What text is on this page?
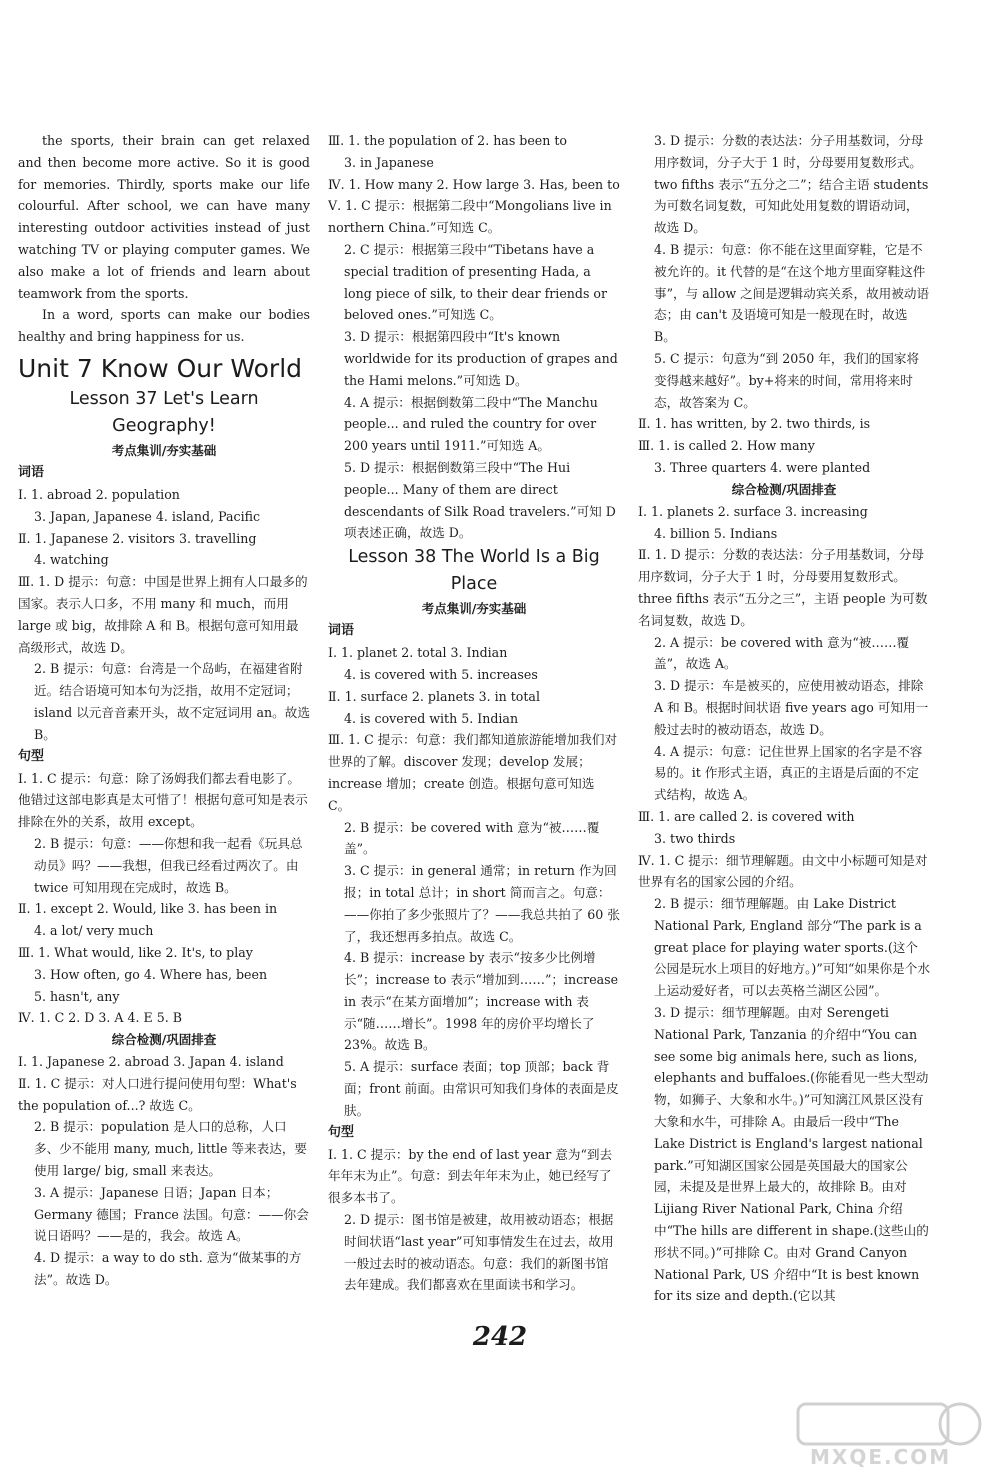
the sports, their brain can get relaxed and then become more active. So it is good for memories. Thirdly, sports make our life colourful. After school, we can have many interesting outdoor activities instead of just watching TV or playing computer games. We also make a lot of friends and learn about teamwork from the sports.

In a word, sports can make our bodies healthy and bring happiness for us.

Unit 7 Know Our World
Lesson 37 Let's Learn Geography!
考点集训/夯实基础
词语

Ⅰ. 1. abroad 2. population

3. Japan, Japanese 4. island, Pacific

Ⅱ. 1. Japanese 2. visitors 3. travelling

4. watching

Ⅲ. 1. D 提示：句意：中国是世界上拥有人口最多的国家。表示人口多，不用 many 和 much，而用 large 或 big，故排除 A 和 B。根据句意可知用最高级形式，故选 D。

2. B 提示：句意：台湾是一个岛屿，在福建省附近。结合语境可知本句为泛指，故用不定冠词；island 以元音音素开头，故不定冠词用 an。故选 B。

句型

Ⅰ. 1. C 提示：句意：除了汤姆我们都去看电影了。他错过这部电影真是太可惜了！根据句意可知是表示排除在外的关系，故用 except。

2. B 提示：句意：——你想和我一起看《玩具总动员》吗？——我想，但我已经看过两次了。由 twice 可知用现在完成时，故选 B。

Ⅱ. 1. except 2. Would, like 3. has been in

4. a lot/ very much

Ⅲ. 1. What would, like 2. It's, to play

3. How often, go 4. Where has, been

5. hasn't, any

Ⅳ. 1. C 2. D 3. A 4. E 5. B

综合检测/巩固排查

Ⅰ. 1. Japanese 2. abroad 3. Japan 4. island

Ⅱ. 1. C 提示：对人口进行提问使用句型：What's the population of...? 故选 C。

2. B 提示：population 是人口的总称，人口多、少不能用 many, much, little 等来表达，要使用 large/ big, small 来表达。

3. A 提示：Japanese 日语；Japan 日本；Germany 德国；France 法国。句意：——你会说日语吗？——是的，我会。故选 A。

4. D 提示：a way to do sth. 意为“做某事的方法”。故选 D。

Ⅲ. 1. the population of 2. has been to

3. in Japanese

Ⅳ. 1. How many 2. How large 3. Has, been to

Ⅴ. 1. C 提示：根据第二段中“Mongolians live in northern China.”可知选 C。

2. C 提示：根据第三段中“Tibetans have a special tradition of presenting Hada, a long piece of silk, to their dear friends or beloved ones.”可知选 C。

3. D 提示：根据第四段中“It's known worldwide for its production of grapes and the Hami melons.”可知选 D。

4. A 提示：根据倒数第二段中“The Manchu people... and ruled the country for over 200 years until 1911.”可知选 A。

5. D 提示：根据倒数第三段中“The Hui people... Many of them are direct descendants of Silk Road travelers.”可知 D 项表述正确，故选 D。

Lesson 38 The World Is a Big Place
考点集训/夯实基础
词语

Ⅰ. 1. planet 2. total 3. Indian

4. is covered with 5. increases

Ⅱ. 1. surface 2. planets 3. in total

4. is covered with 5. Indian

Ⅲ. 1. C 提示：句意：我们都知道旅游能增加我们对世界的了解。discover 发现；develop 发展；increase 增加；create 创造。根据句意可知选 C。

2. B 提示：be covered with 意为“被……覆盖”。

3. C 提示：in general 通常；in return 作为回报；in total 总计；in short 简而言之。句意：——你拍了多少张照片了？——我总共拍了 60 张了，我还想再多拍点。故选 C。

4. B 提示：increase by 表示“按多少比例增长”；increase to 表示“增加到……”；increase in 表示“在某方面增加”；increase with 表示“随……增长”。1998 年的房价平均增长了 23%。故选 B。

5. A 提示：surface 表面；top 顶部；back 背面；front 前面。由常识可知我们身体的表面是皮肤。

句型

Ⅰ. 1. C 提示：by the end of last year 意为“到去年年末为止”。句意：到去年年末为止，她已经写了很多本书了。

2. D 提示：图书馆是被建，故用被动语态；根据时间状语“last year”可知事情发生在过去，故用一般过去时的被动语态。句意：我们的新图书馆去年建成。我们都喜欢在里面读书和学习。

3. D 提示：分数的表达法：分子用基数词，分母用序数词，分子大于 1 时，分母要用复数形式。two fifths 表示“五分之二”；结合主语 students 为可数名词复数，可知此处用复数的谓语动词，故选 D。

4. B 提示：句意：你不能在这里面穿鞋，它是不被允许的。it 代替的是“在这个地方里面穿鞋这件事”，与 allow 之间是逻辑动宾关系，故用被动语态；由 can't 及语境可知是一般现在时，故选 B。

5. C 提示：句意为“到 2050 年，我们的国家将变得越来越好”。by+将来的时间，常用将来时态，故答案为 C。

Ⅱ. 1. has written, by 2. two thirds, is

Ⅲ. 1. is called 2. How many

3. Three quarters 4. were planted

综合检测/巩固排查

Ⅰ. 1. planets 2. surface 3. increasing

4. billion 5. Indians

Ⅱ. 1. D 提示：分数的表达法：分子用基数词，分母用序数词，分子大于 1 时，分母要用复数形式。three fifths 表示“五分之三”，主语 people 为可数名词复数，故选 D。

2. A 提示：be covered with 意为“被……覆盖”，故选 A。

3. D 提示：车是被买的，应使用被动语态，排除 A 和 B。根据时间状语 five years ago 可知用一般过去时的被动语态，故选 D。

4. A 提示：句意：记住世界上国家的名字是不容易的。it 作形式主语，真正的主语是后面的不定式结构，故选 A。

Ⅲ. 1. are called 2. is covered with

3. two thirds

Ⅳ. 1. C 提示：细节理解题。由文中小标题可知是对世界有名的国家公园的介绍。

2. B 提示：细节理解题。由 Lake District National Park, England 部分“The park is a great place for playing water sports.(这个公园是玩水上项目的好地方。)”可知“如果你是个水上运动爱好者，可以去英格兰湖区公园”。

3. D 提示：细节理解题。由对 Serengeti National Park, Tanzania 的介绍中“You can see some big animals here, such as lions, elephants and buffaloes.(你能看见一些大型动物，如狮子、大象和水牛。)”可知漓江风景区没有大象和水牛，可排除 A。由最后一段中“The Lake District is England's largest national park.”可知湖区国家公园是英国最大的国家公园，未提及是世界上最大的，故排除 B。由对 Lijiang River National Park, China 介绍中“The hills are different in shape.(这些山的形状不同。)”可排除 C。由对 Grand Canyon National Park, US 介绍中“It is best known for its size and depth.(它以其

242
MXQE.COM
